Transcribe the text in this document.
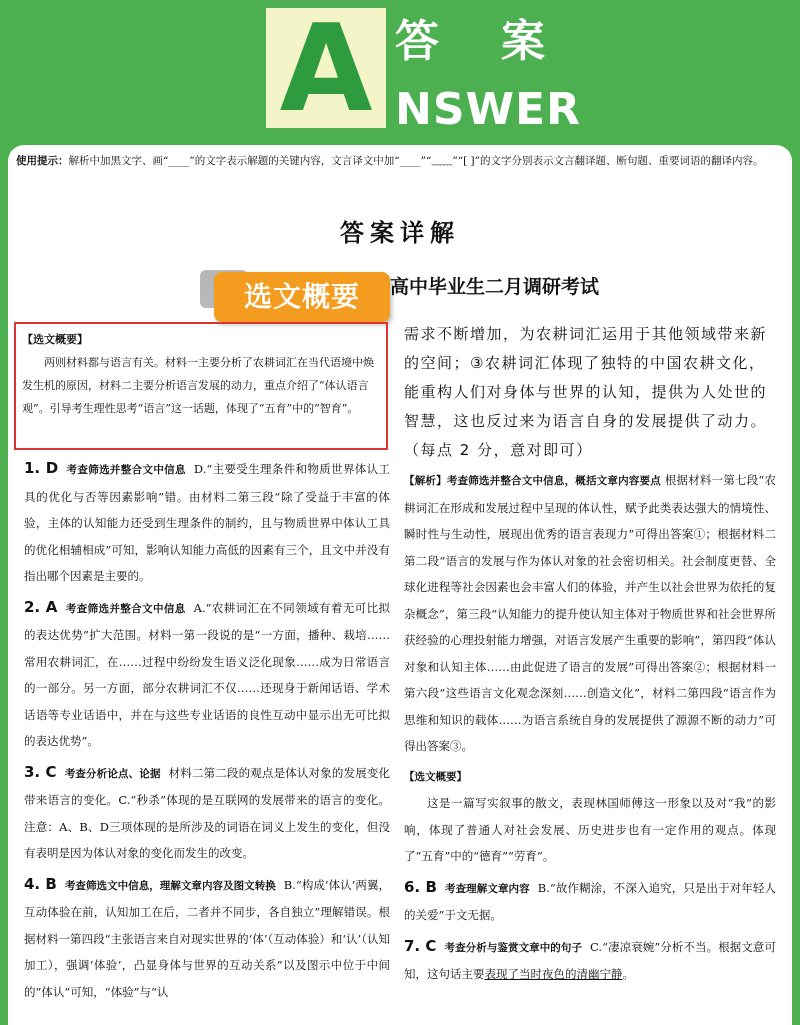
A 答案
NSWER
使用提示：解析中加黑文字、画“____”的文字表示解题的关键内容，文言译文中加“____”“﹏﹏”“[ ]”的文字分别表示文言翻译题、断句题、重要词语的翻译内容。
答案详解
高中毕业生二月调研考试
选文概要
【选文概要】
两则材料都与语言有关。材料一主要分析了农耕词汇在当代语境中焕发生机的原因，材料二主要分析语言发展的动力，重点介绍了“体认语言观”。引导考生理性思考“语言”这一话题，体现了“五育”中的“智育”。
1. D 考查筛选并整合文中信息 D.“主要受生理条件和物质世界体认工具的优化与否等因素影响”错。由材料二第三段“除了受益于丰富的体验，主体的认知能力还受到生理条件的制约，且与物质世界中体认工具的优化相辅相成”可知，影响认知能力高低的因素有三个，且文中并没有指出哪个因素是主要的。
2. A 考查筛选并整合文中信息 A.“农耕词汇在不同领域有着无可比拟的表达优势”扩大范围。材料一第一段说的是“一方面，播种、栽培……常用农耕词汇，在……过程中纷纷发生语义泛化现象……成为日常语言的一部分。另一方面，部分农耕词汇不仅……还现身于新闻话语、学术话语等专业话语中，并在与这些专业话语的良性互动中显示出无可比拟的表达优势”。
3. C 考查分析论点、论据 材料二第二段的观点是体认对象的发展变化带来语言的变化。C.“秒杀”体现的是互联网的发展带来的语言的变化。注意：A、B、D三项体现的是所涉及的词语在词义上发生的变化，但没有表明是因为体认对象的变化而发生的改变。
4. B 考查筛选文中信息，理解文章内容及图文转换 B.“构成‘体认’两翼，互动体验在前，认知加工在后，二者并不同步，各自独立”理解错误。根据材料一第四段“主张语言来自对现实世界的‘体’（互动体验）和‘认’（认知加工），强调‘体验’，凸显身体与世界的互动关系”以及图示中位于中间的“体认”可知，“体验”与“认
需求不断增加，为农耕词汇运用于其他领域带来新的空间；③农耕词汇体现了独特的中国农耕文化，能重构人们对身体与世界的认知，提供为人处世的智慧，这也反过来为语言自身的发展提供了动力。（每点 2 分，意对即可）
【解析】考查筛选并整合文中信息，概括文章内容要点 根据材料一第七段“农耕词汇在形成和发展过程中呈现的体认性，赋予此类表达强大的情境性、瞬时性与生动性，展现出优秀的语言表现力”可得出答案①；根据材料二第二段“语言的发展与作为体认对象的社会密切相关。社会制度更替、全球化进程等社会因素也会丰富人们的体验，并产生以社会世界为依托的复杂概念”，第三段“认知能力的提升使认知主体对于物质世界和社会世界所获经验的心理投射能力增强，对语言发展产生重要的影响”，第四段“体认对象和认知主体……由此促进了语言的发展”可得出答案②；根据材料一第六段“这些语言文化观念深刻……创造文化”，材料二第四段“语言作为思维和知识的载体……为语言系统自身的发展提供了源源不断的动力”可得出答案③。
【选文概要】
这是一篇写实叙事的散文，表现林国师傅这一形象以及对“我”的影响，体现了普通人对社会发展、历史进步也有一定作用的观点。体现了“五育”中的“德育”“劳育”。
6. B 考查理解文章内容 B.“故作糊涂，不深入追究，只是出于对年轻人的关爱”于文无据。
7. C 考查分析与鉴赏文章中的句子 C.“凄凉衰婉”分析不当。根据文意可知，这句话主要表现了当时夜色的清幽宁静。
